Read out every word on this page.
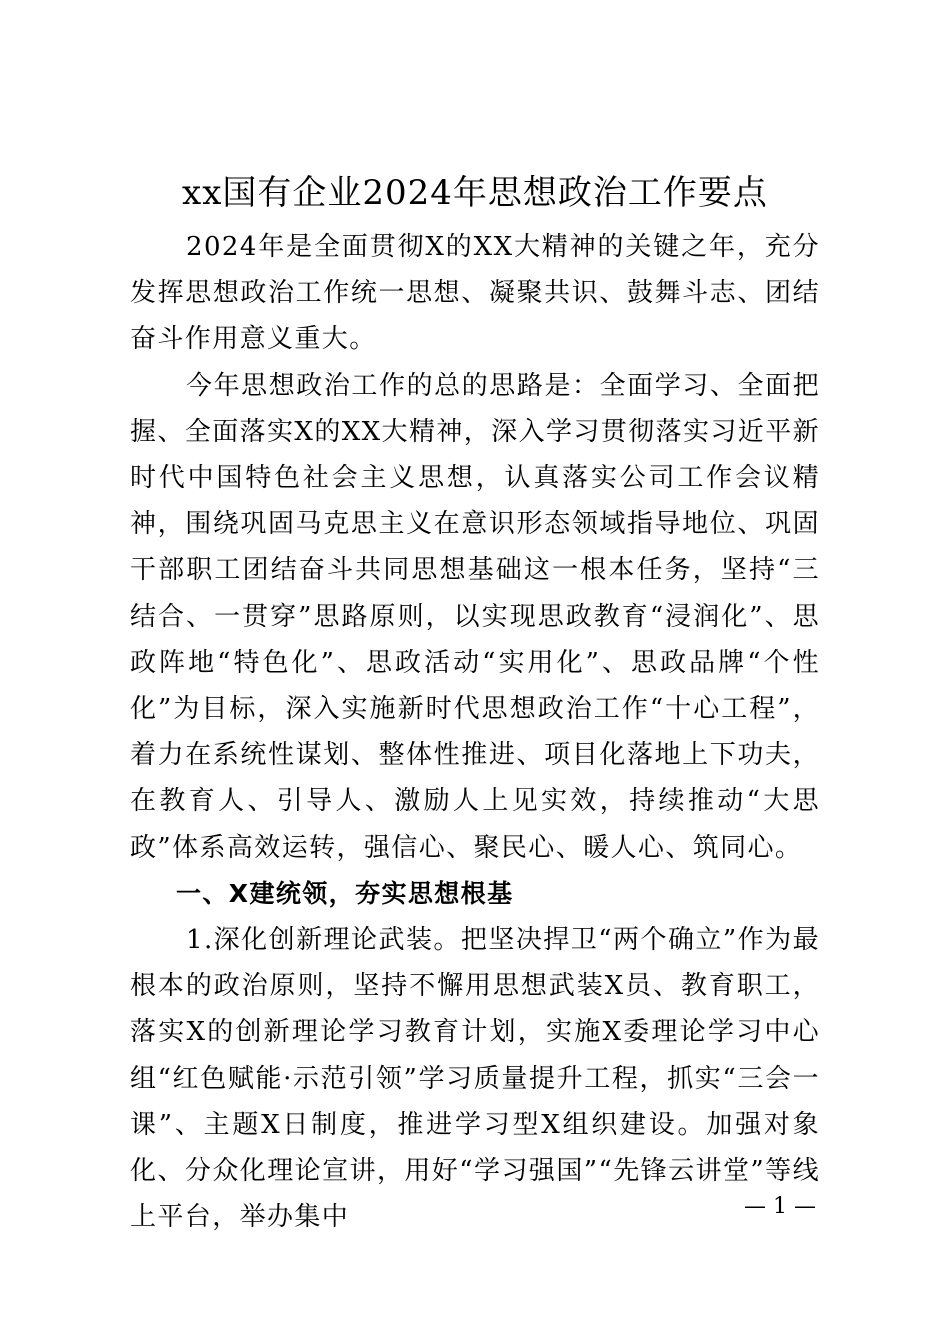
xx国有企业2024年思想政治工作要点

2024年是全面贯彻X的XX大精神的关键之年，充分发挥思想政治工作统一思想、凝聚共识、鼓舞斗志、团结奋斗作用意义重大。

今年思想政治工作的总的思路是：全面学习、全面把握、全面落实X的XX大精神，深入学习贯彻落实习近平新时代中国特色社会主义思想，认真落实公司工作会议精神，围绕巩固马克思主义在意识形态领域指导地位、巩固干部职工团结奋斗共同思想基础这一根本任务，坚持“三结合、一贯穿”思路原则，以实现思政教育“浸润化”、思政阵地“特色化”、思政活动“实用化”、思政品牌“个性化”为目标，深入实施新时代思想政治工作“十心工程”，着力在系统性谋划、整体性推进、项目化落地上下功夫，在教育人、引导人、激励人上见实效，持续推动“大思政”体系高效运转，强信心、聚民心、暖人心、筑同心。

一、X建统领，夯实思想根基

1.深化创新理论武装。把坚决捍卫“两个确立”作为最根本的政治原则，坚持不懈用思想武装X员、教育职工，落实X的创新理论学习教育计划，实施X委理论学习中心组“红色赋能·示范引领”学习质量提升工程，抓实“三会一课”、主题X日制度，推进学习型X组织建设。加强对象化、分众化理论宣讲，用好“学习强国”“先锋云讲堂”等线上平台，举办集中	— 1 —
